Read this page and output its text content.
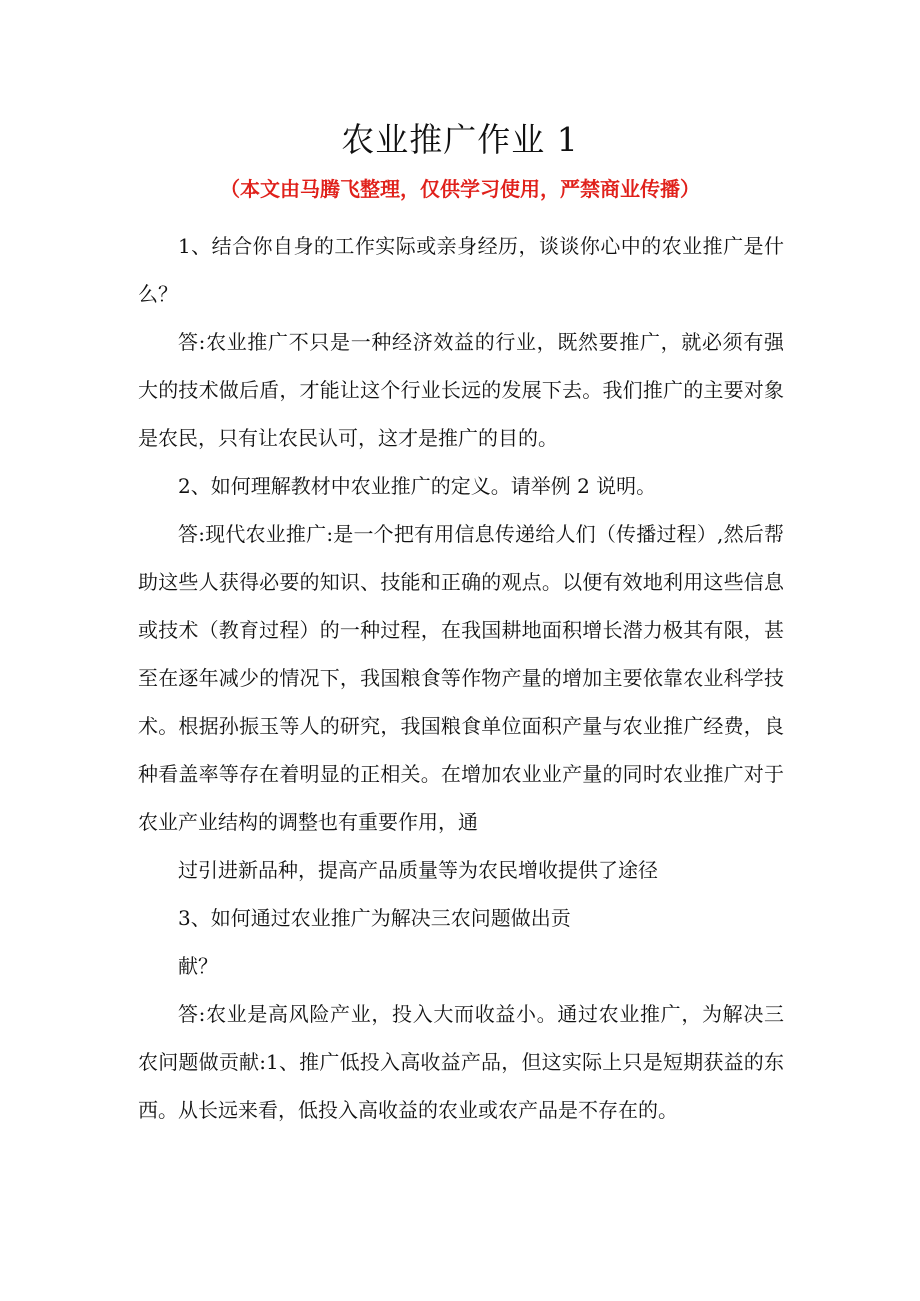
农业推广作业 1
（本文由马腾飞整理，仅供学习使用，严禁商业传播）

1、结合你自身的工作实际或亲身经历，谈谈你心中的农业推广是什么？

答:农业推广不只是一种经济效益的行业，既然要推广，就必须有强大的技术做后盾，才能让这个行业长远的发展下去。我们推广的主要对象是农民，只有让农民认可，这才是推广的目的。

2、如何理解教材中农业推广的定义。请举例 2 说明。

答:现代农业推广:是一个把有用信息传递给人们（传播过程）,然后帮助这些人获得必要的知识、技能和正确的观点。以便有效地利用这些信息或技术（教育过程）的一种过程，在我国耕地面积增长潜力极其有限，甚至在逐年减少的情况下，我国粮食等作物产量的增加主要依靠农业科学技术。根据孙振玉等人的研究，我国粮食单位面积产量与农业推广经费，良种看盖率等存在着明显的正相关。在增加农业业产量的同时农业推广对于农业产业结构的调整也有重要作用，通

过引进新品种，提高产品质量等为农民增收提供了途径

3、如何通过农业推广为解决三农问题做出贡

献？

答:农业是高风险产业，投入大而收益小。通过农业推广，为解决三农问题做贡献:1、推广低投入高收益产品，但这实际上只是短期获益的东西。从长远来看，低投入高收益的农业或农产品是不存在的。
